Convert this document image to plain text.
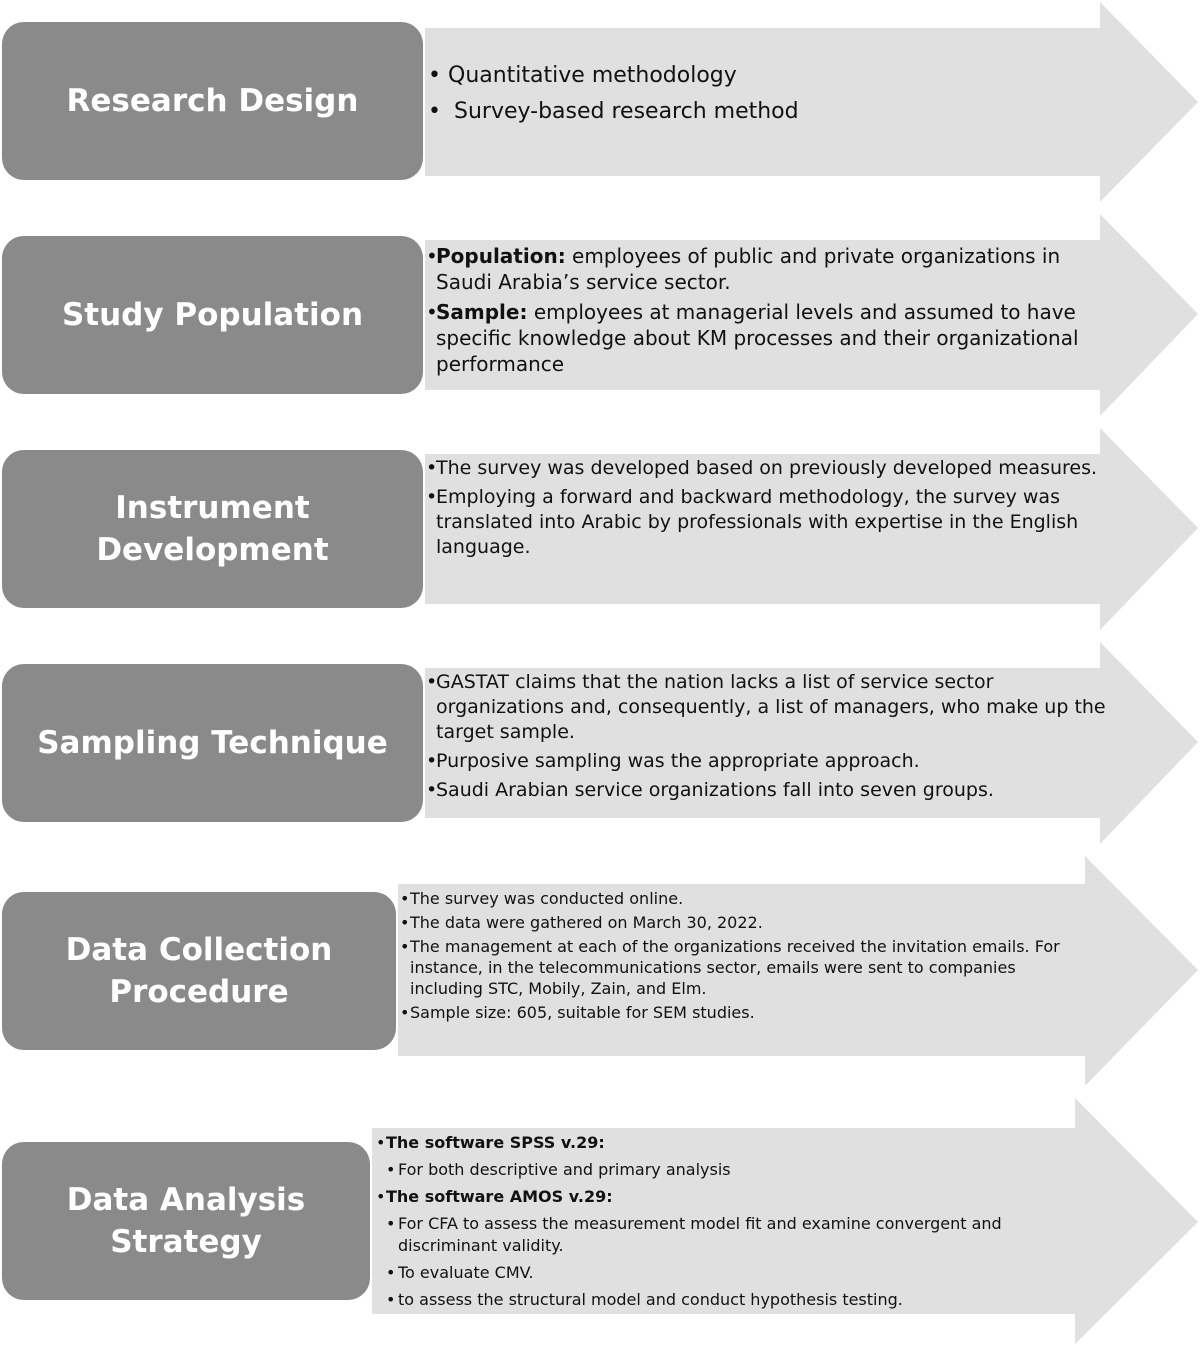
Research Design
• Quantitative methodology
• Survey-based research method
Study Population
• Population: employees of public and private organizations in Saudi Arabia’s service sector.
• Sample: employees at managerial levels and assumed to have specific knowledge about KM processes and their organizational performance
Instrument
Development
• The survey was developed based on previously developed measures.
• Employing a forward and backward methodology, the survey was translated into Arabic by professionals with expertise in the English language.
Sampling Technique
• GASTAT claims that the nation lacks a list of service sector organizations and, consequently, a list of managers, who make up the target sample.
• Purposive sampling was the appropriate approach.
• Saudi Arabian service organizations fall into seven groups.
Data Collection
Procedure
• The survey was conducted online.
• The data were gathered on March 30, 2022.
• The management at each of the organizations received the invitation emails. For instance, in the telecommunications sector, emails were sent to companies including STC, Mobily, Zain, and Elm.
• Sample size: 605, suitable for SEM studies.
Data Analysis
Strategy
• The software SPSS v.29:
• For both descriptive and primary analysis
• The software AMOS v.29:
• For CFA to assess the measurement model fit and examine convergent and discriminant validity.
• To evaluate CMV.
• to assess the structural model and conduct hypothesis testing.
